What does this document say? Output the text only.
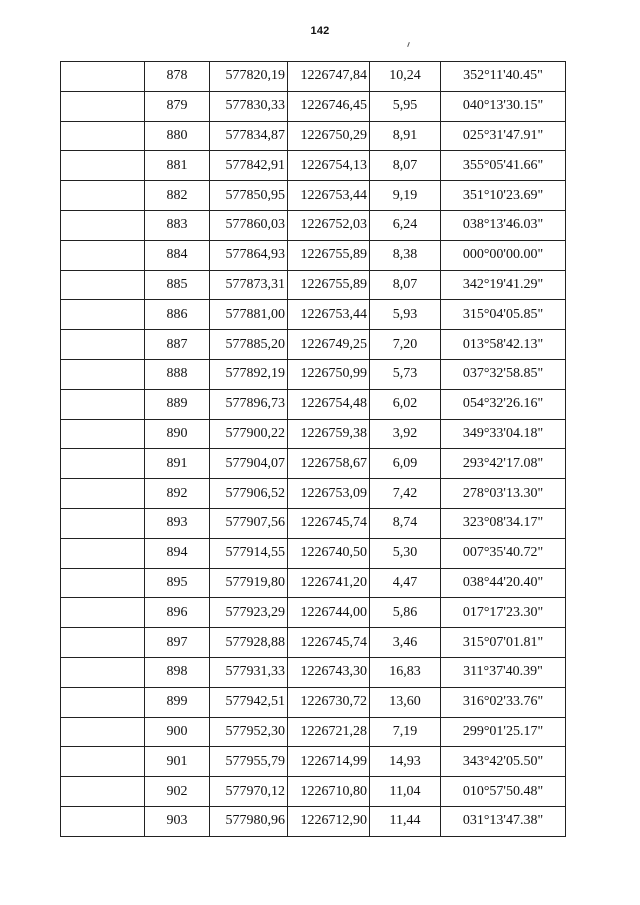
142
	878	577820,19	1226747,84	10,24	352°11'40.45"
	879	577830,33	1226746,45	5,95	040°13'30.15"
	880	577834,87	1226750,29	8,91	025°31'47.91"
	881	577842,91	1226754,13	8,07	355°05'41.66"
	882	577850,95	1226753,44	9,19	351°10'23.69"
	883	577860,03	1226752,03	6,24	038°13'46.03"
	884	577864,93	1226755,89	8,38	000°00'00.00"
	885	577873,31	1226755,89	8,07	342°19'41.29"
	886	577881,00	1226753,44	5,93	315°04'05.85"
	887	577885,20	1226749,25	7,20	013°58'42.13"
	888	577892,19	1226750,99	5,73	037°32'58.85"
	889	577896,73	1226754,48	6,02	054°32'26.16"
	890	577900,22	1226759,38	3,92	349°33'04.18"
	891	577904,07	1226758,67	6,09	293°42'17.08"
	892	577906,52	1226753,09	7,42	278°03'13.30"
	893	577907,56	1226745,74	8,74	323°08'34.17"
	894	577914,55	1226740,50	5,30	007°35'40.72"
	895	577919,80	1226741,20	4,47	038°44'20.40"
	896	577923,29	1226744,00	5,86	017°17'23.30"
	897	577928,88	1226745,74	3,46	315°07'01.81"
	898	577931,33	1226743,30	16,83	311°37'40.39"
	899	577942,51	1226730,72	13,60	316°02'33.76"
	900	577952,30	1226721,28	7,19	299°01'25.17"
	901	577955,79	1226714,99	14,93	343°42'05.50"
	902	577970,12	1226710,80	11,04	010°57'50.48"
	903	577980,96	1226712,90	11,44	031°13'47.38"
